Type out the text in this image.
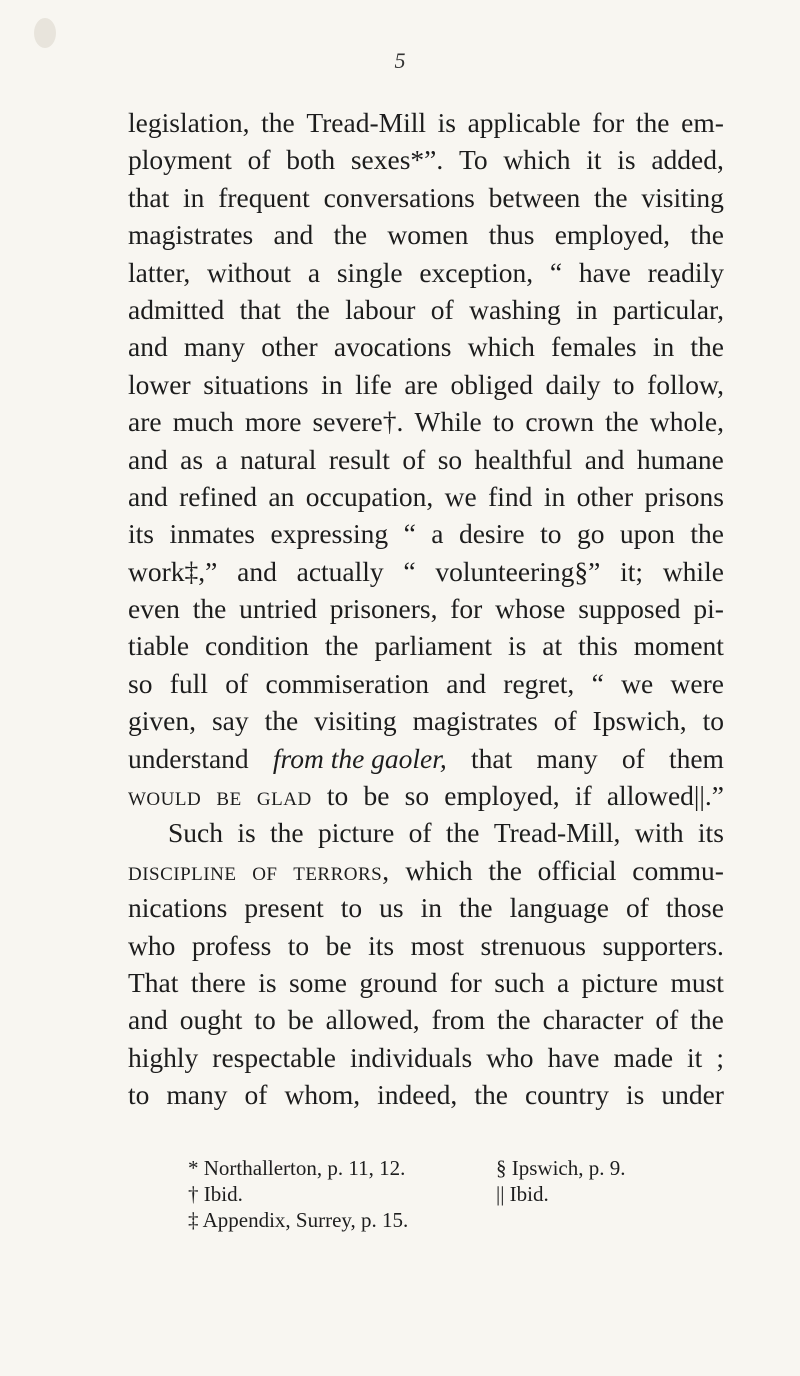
5
legislation, the Tread-Mill is applicable for the em-
ployment of both sexes*”. To which it is added,
that in frequent conversations between the visiting
magistrates and the women thus employed, the
latter, without a single exception, “ have readily
admitted that the labour of washing in particular,
and many other avocations which females in the
lower situations in life are obliged daily to follow,
are much more severe†. While to crown the whole,
and as a natural result of so healthful and humane
and refined an occupation, we find in other prisons
its inmates expressing “ a desire to go upon the
work‡,” and actually “ volunteering§” it; while
even the untried prisoners, for whose supposed pi-
tiable condition the parliament is at this moment
so full of commiseration and regret, “ we were
given, say the visiting magistrates of Ipswich, to
understand from the gaoler, that many of them
would be glad to be so employed, if allowed||.”
Such is the picture of the Tread-Mill, with its
discipline of terrors, which the official commu-
nications present to us in the language of those
who profess to be its most strenuous supporters.
That there is some ground for such a picture must
and ought to be allowed, from the character of the
highly respectable individuals who have made it ;
to many of whom, indeed, the country is under
* Northallerton, p. 11, 12.	§ Ipswich, p. 9.
† Ibid.	|| Ibid.
‡ Appendix, Surrey, p. 15.
